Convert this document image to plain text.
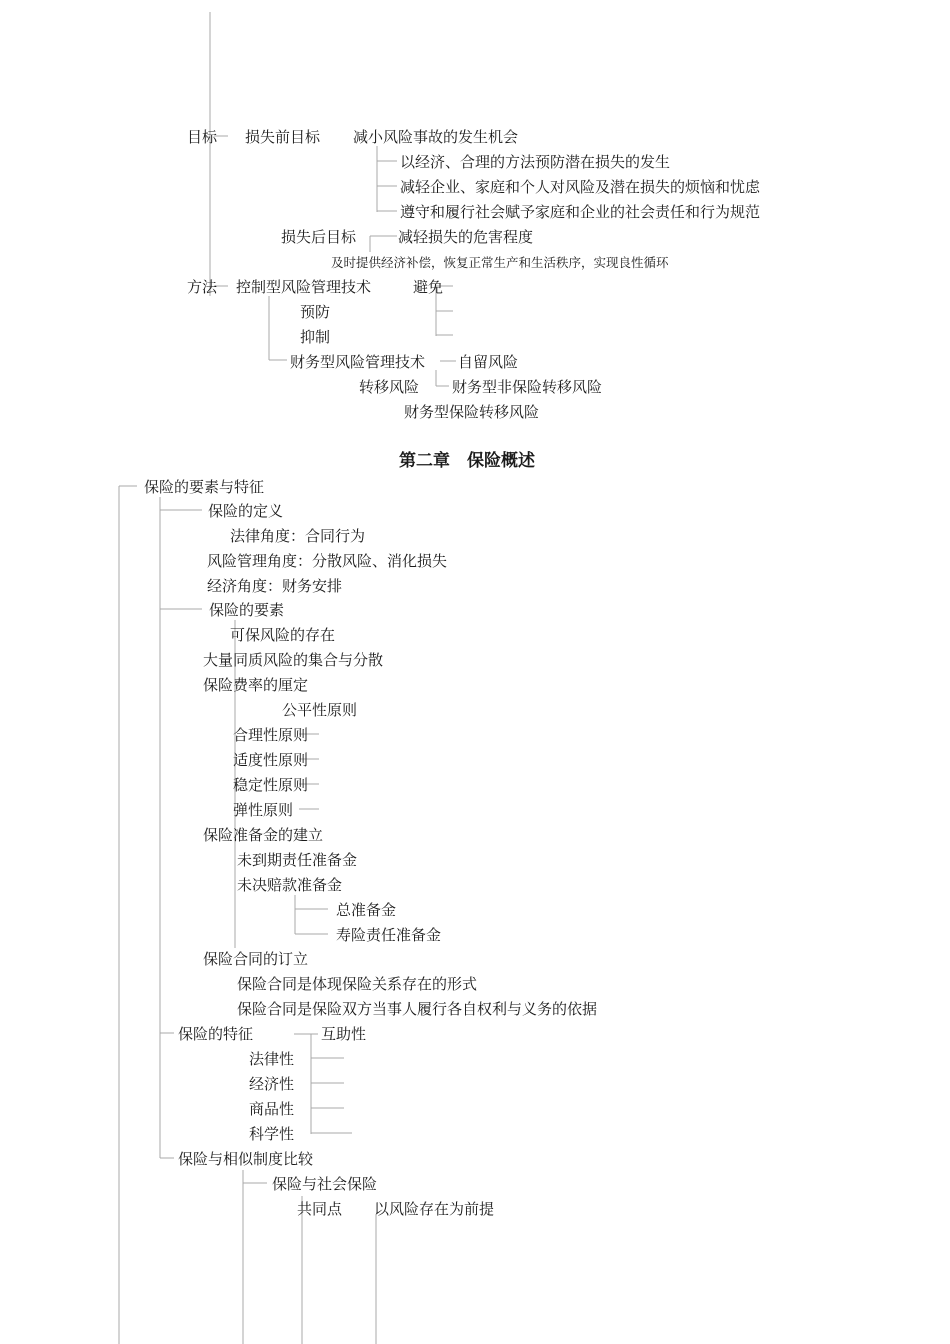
目标 损失前目标 减小风险事故的发生机会
以经济、合理的方法预防潜在损失的发生
减轻企业、家庭和个人对风险及潜在损失的烦恼和忧虑
遵守和履行社会赋予家庭和企业的社会责任和行为规范
损失后目标	减轻损失的危害程度
及时提供经济补偿，恢复正常生产和生活秩序，实现良性循环
方法 控制型风险管理技术	避免
预防
抑制
财务型风险管理技术 自留风险
转移风险 财务型非保险转移风险
财务型保险转移风险
第二章　保险概述
保险的要素与特征
保险的定义
法律角度：合同行为
风险管理角度：分散风险、消化损失
经济角度：财务安排
保险的要素
可保风险的存在
大量同质风险的集合与分散
保险费率的厘定
公平性原则
合理性原则
适度性原则
稳定性原则
弹性原则
保险准备金的建立
未到期责任准备金
未决赔款准备金
总准备金
寿险责任准备金
保险合同的订立
保险合同是体现保险关系存在的形式
保险合同是保险双方当事人履行各自权利与义务的依据
保险的特征	互助性
法律性
经济性
商品性
科学性
保险与相似制度比较
保险与社会保险
共同点 以风险存在为前提
